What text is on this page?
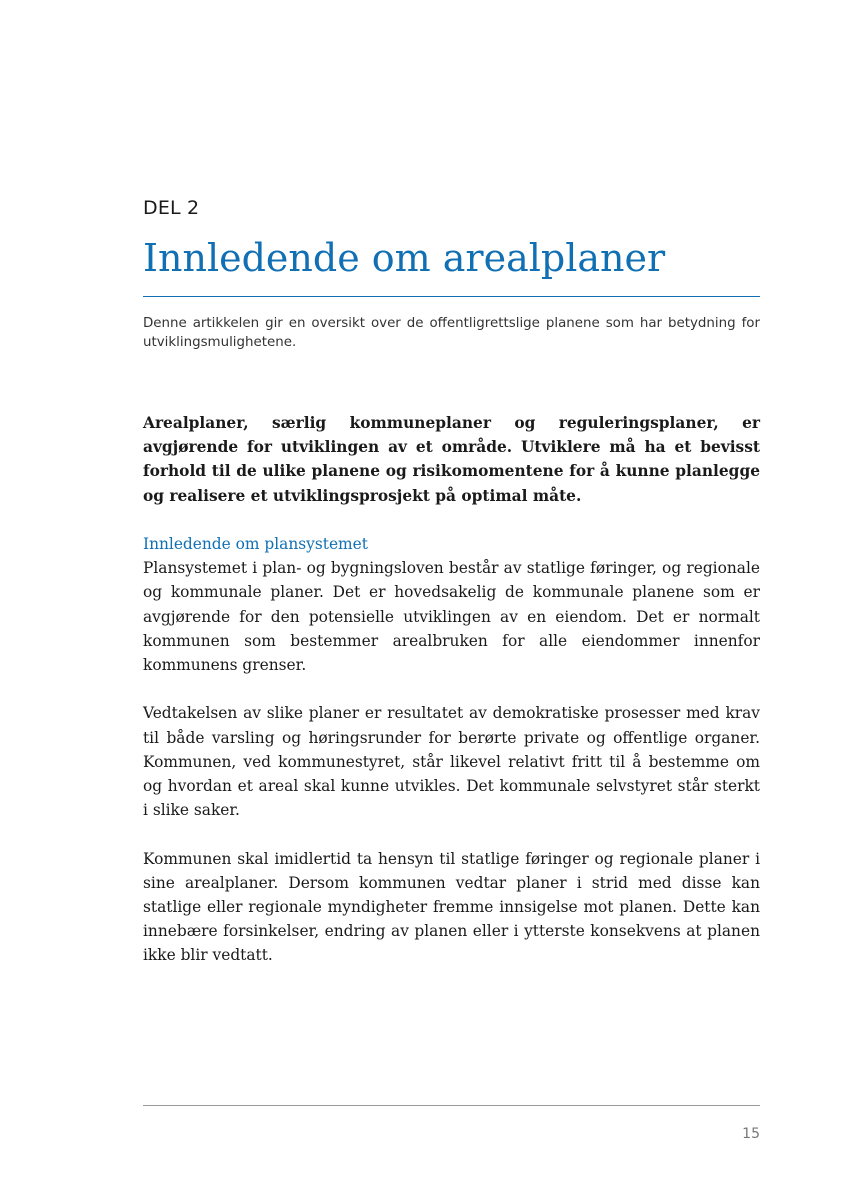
DEL 2
Innledende om arealplaner

Denne artikkelen gir en oversikt over de offentligrettslige planene som har betydning for utviklingsmulighetene.

Arealplaner, særlig kommuneplaner og reguleringsplaner, er avgjørende for utviklingen av et område. Utviklere må ha et bevisst forhold til de ulike planene og risikomomentene for å kunne planlegge og realisere et utviklingsprosjekt på optimal måte.

Innledende om plansystemet

Plansystemet i plan- og bygningsloven består av statlige føringer, og regionale og kommunale planer. Det er hovedsakelig de kommunale planene som er avgjørende for den potensielle utviklingen av en eiendom. Det er normalt kommunen som bestemmer arealbruken for alle eiendommer innenfor kommunens grenser.

Vedtakelsen av slike planer er resultatet av demokratiske prosesser med krav til både varsling og høringsrunder for berørte private og offentlige organer. Kommunen, ved kommunestyret, står likevel relativt fritt til å bestemme om og hvordan et areal skal kunne utvikles. Det kommunale selvstyret står sterkt i slike saker.

Kommunen skal imidlertid ta hensyn til statlige føringer og regionale planer i sine arealplaner. Dersom kommunen vedtar planer i strid med disse kan statlige eller regionale myndigheter fremme innsigelse mot planen. Dette kan innebære forsinkelser, endring av planen eller i ytterste konsekvens at planen ikke blir vedtatt.

15
